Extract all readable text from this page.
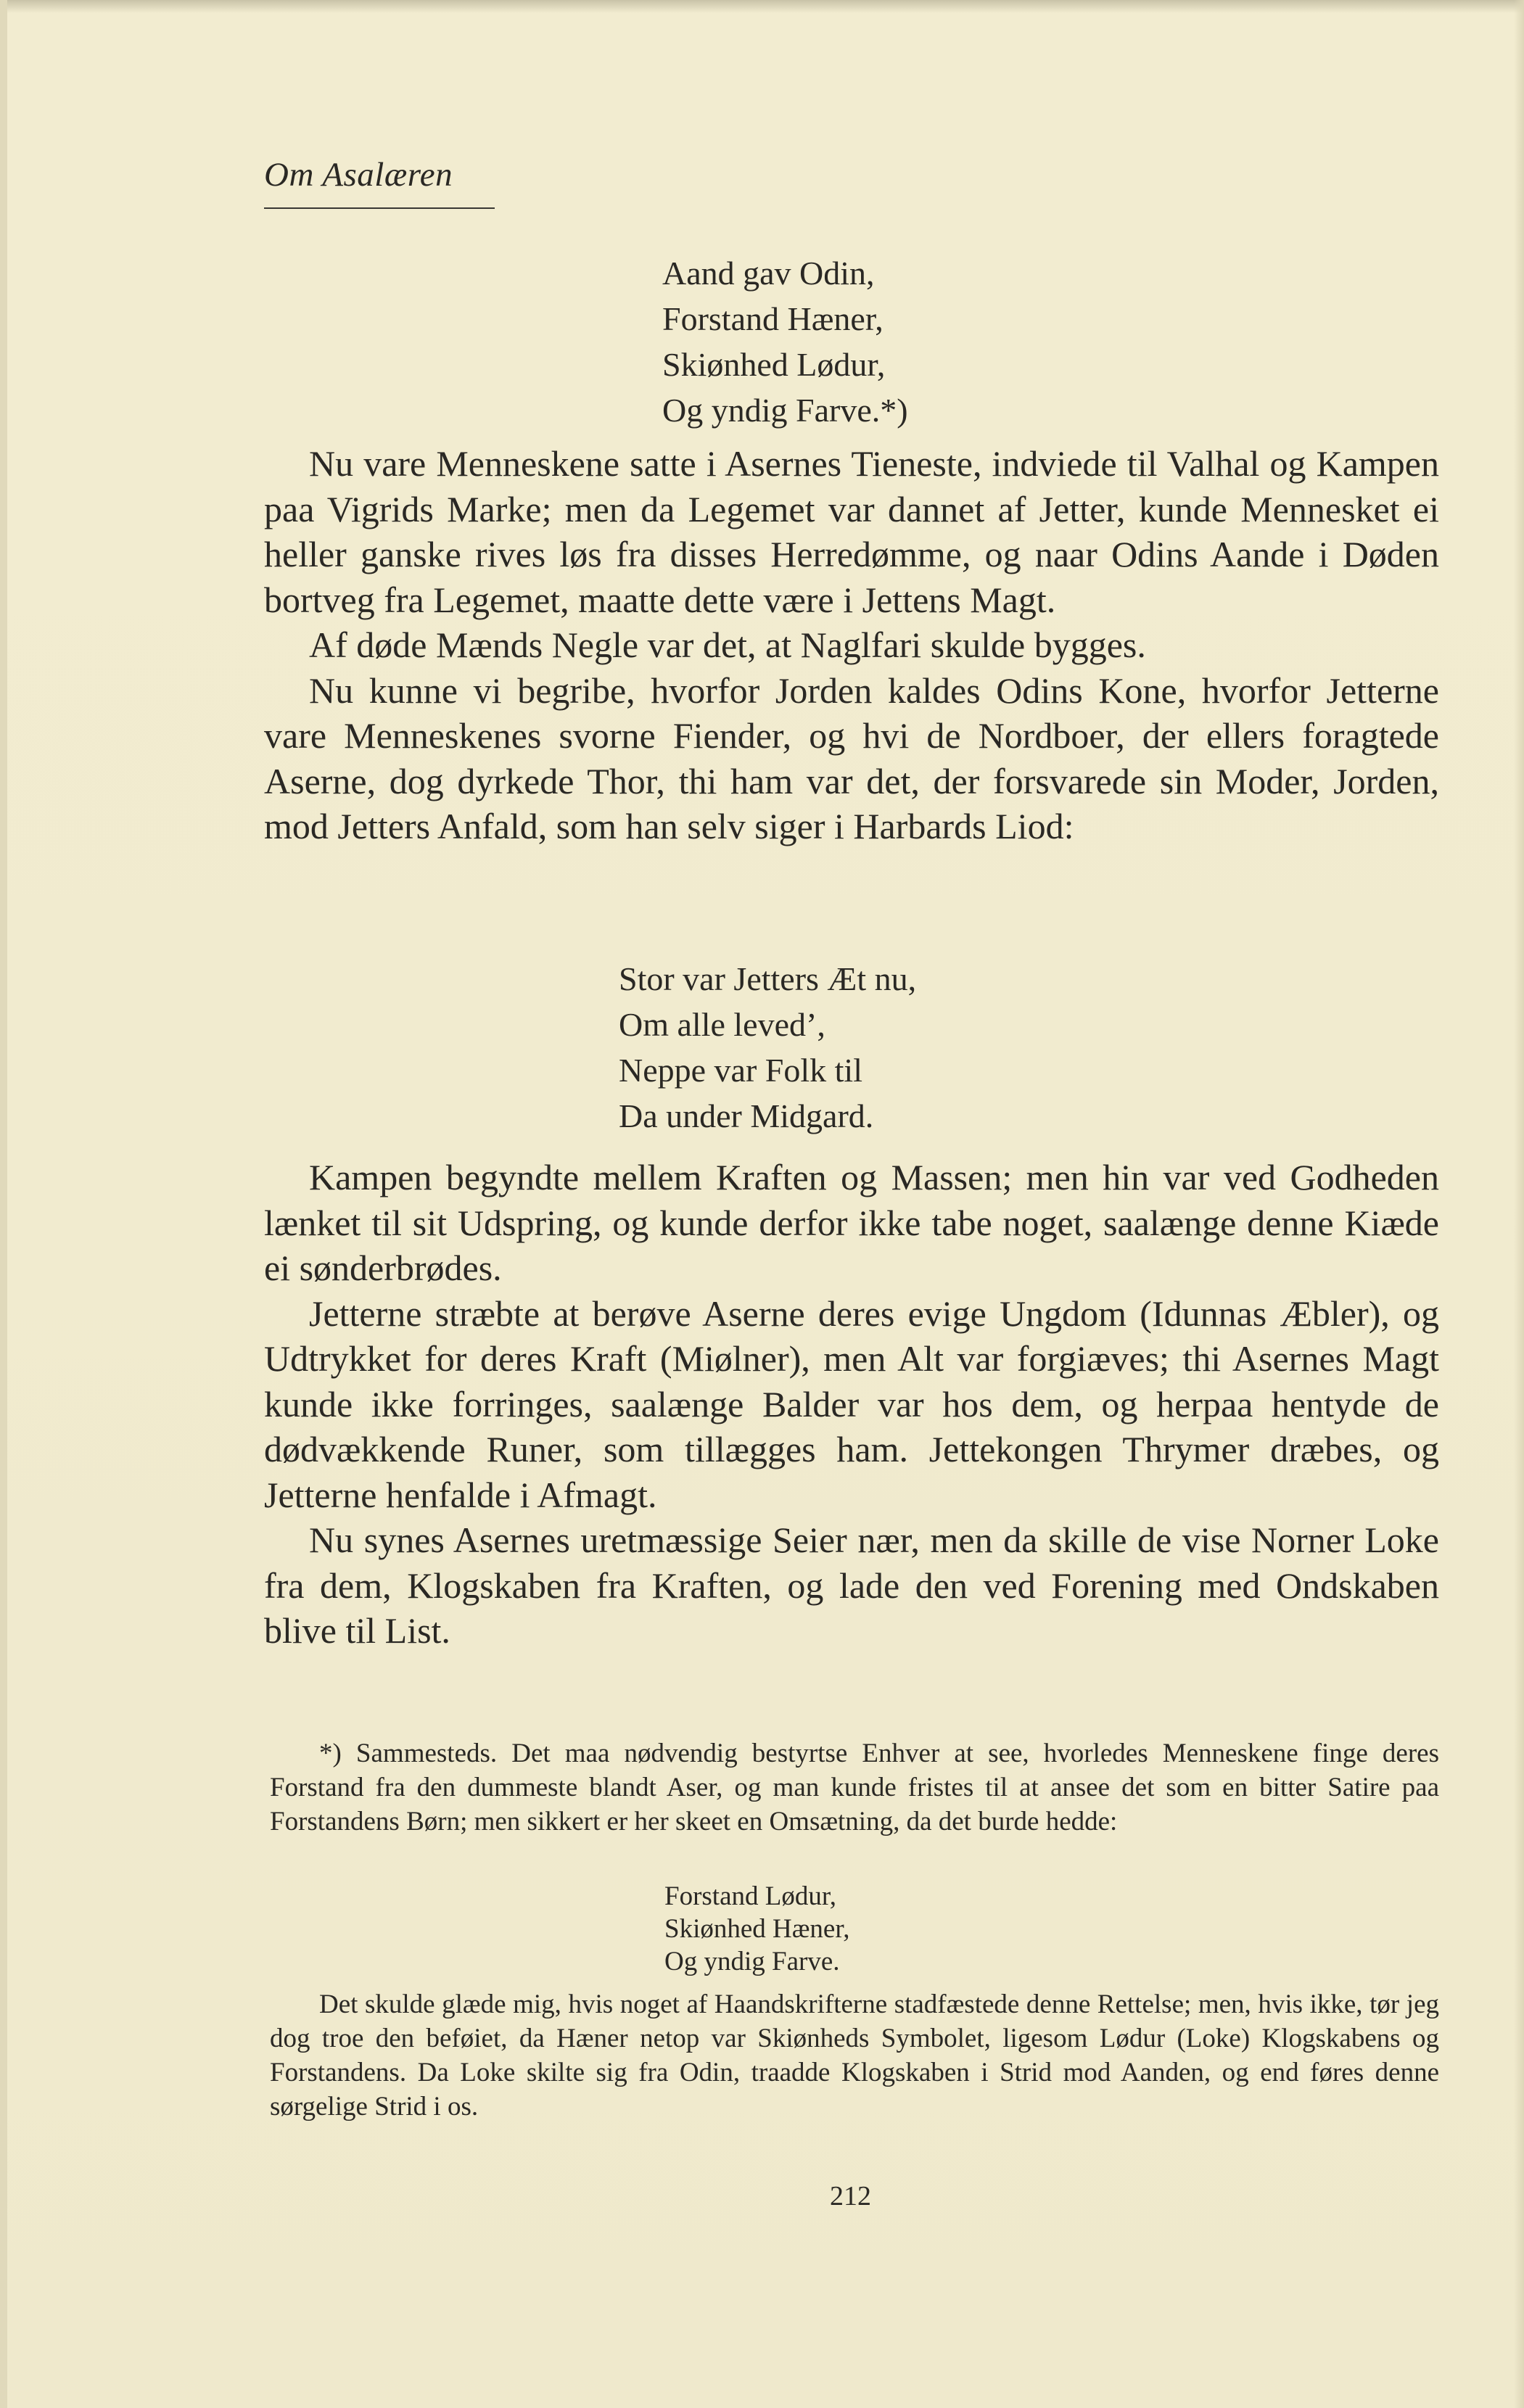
Om Asalæren
Aand gav Odin,
Forstand Hæner,
Skiønhed Lødur,
Og yndig Farve.*)

Nu vare Menneskene satte i Asernes Tieneste, indviede til Valhal og Kampen paa Vigrids Marke; men da Legemet var dannet af Jetter, kunde Mennesket ei heller ganske rives løs fra disses Herredømme, og naar Odins Aande i Døden bortveg fra Legemet, maatte dette være i Jettens Magt.

Af døde Mænds Negle var det, at Naglfari skulde bygges.

Nu kunne vi begribe, hvorfor Jorden kaldes Odins Kone, hvorfor Jetterne vare Menneskenes svorne Fiender, og hvi de Nordboer, der ellers foragtede Aserne, dog dyrkede Thor, thi ham var det, der forsvarede sin Moder, Jorden, mod Jetters Anfald, som han selv siger i Harbards Liod:

Stor var Jetters Æt nu,
Om alle leved’,
Neppe var Folk til
Da under Midgard.

Kampen begyndte mellem Kraften og Massen; men hin var ved Godheden lænket til sit Udspring, og kunde derfor ikke tabe noget, saalænge denne Kiæde ei sønderbrødes.

Jetterne stræbte at berøve Aserne deres evige Ungdom (Idunnas Æbler), og Udtrykket for deres Kraft (Miølner), men Alt var forgiæves; thi Asernes Magt kunde ikke forringes, saalænge Balder var hos dem, og herpaa hentyde de dødvækkende Runer, som tillægges ham. Jettekongen Thrymer dræbes, og Jetterne henfalde i Afmagt.

Nu synes Asernes uretmæssige Seier nær, men da skille de vise Norner Loke fra dem, Klogskaben fra Kraften, og lade den ved Forening med Ondskaben blive til List.

*) Sammesteds. Det maa nødvendig bestyrtse Enhver at see, hvorledes Menneskene finge deres Forstand fra den dummeste blandt Aser, og man kunde fristes til at ansee det som en bitter Satire paa Forstandens Børn; men sikkert er her skeet en Omsætning, da det burde hedde:

Forstand Lødur,
Skiønhed Hæner,
Og yndig Farve.

Det skulde glæde mig, hvis noget af Haandskrifterne stadfæstede denne Rettelse; men, hvis ikke, tør jeg dog troe den beføiet, da Hæner netop var Skiønheds Symbolet, ligesom Lødur (Loke) Klogskabens og Forstandens. Da Loke skilte sig fra Odin, traadde Klogskaben i Strid mod Aanden, og end føres denne sørgelige Strid i os.

212
